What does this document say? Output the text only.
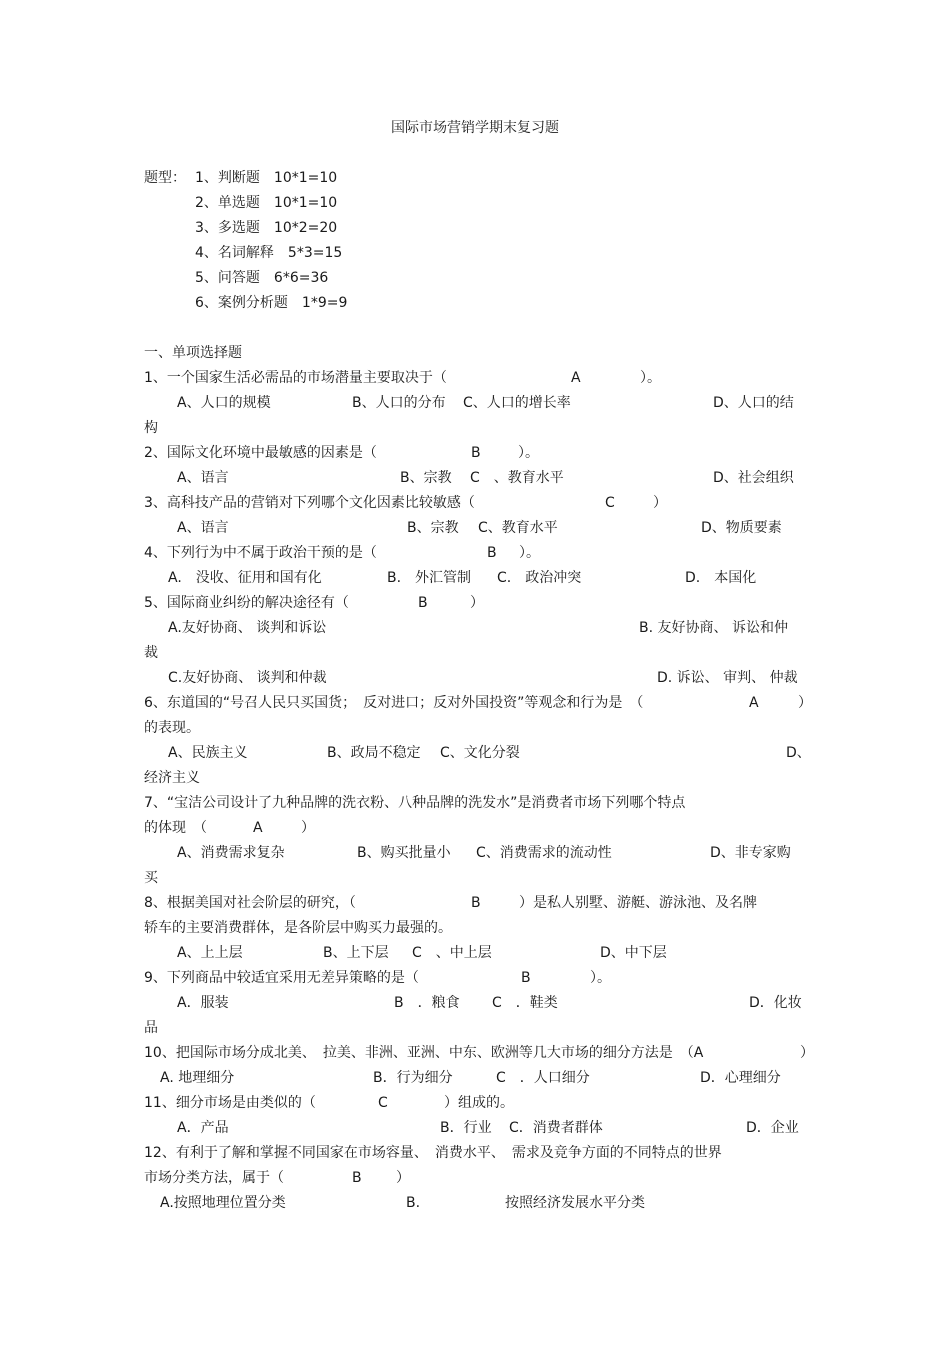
国际市场营销学期末复习题
题型： 1、判断题　10*1=10
2、单选题　10*1=10
3、多选题　10*2=20
4、名词解释　5*3=15
5、问答题　6*6=36
6、案例分析题　1*9=9
一、单项选择题
1、一个国家生活必需品的市场潜量主要取决于（	A	）。
A、人口的规模	B、人口的分布 C、人口的增长率	D、人口的结
构
2、国际文化环境中最敏感的因素是（	B	）。
A、语言	B、宗教 C　、教育水平	D、社会组织
3、高科技产品的营销对下列哪个文化因素比较敏感（	C	）
A、语言	B、宗教 C、教育水平	D、物质要素
4、下列行为中不属于政治干预的是（	B ）。
A.　没收、征用和国有化	B.　外汇管制 C.　政治冲突	D.　本国化
5、国际商业纠纷的解决途径有（	B	）
A.友好协商、 谈判和诉讼	B. 友好协商、 诉讼和仲
裁
C.友好协商、 谈判和仲裁	D. 诉讼、 审判、 仲裁
6、东道国的“号召人民只买国货；　反对进口；反对外国投资”等观念和行为是　（	A	）
的表现。
A、民族主义	B、政局不稳定 C、文化分裂	D、
经济主义
7、“宝洁公司设计了九种品牌的洗衣粉、八种品牌的洗发水”是消费者市场下列哪个特点
的体现　（	A	）
A、消费需求复杂	B、购买批量小 C、消费需求的流动性	D、非专家购
买
8、根据美国对社会阶层的研究，（	B	）是私人别墅、游艇、游泳池、及名牌
轿车的主要消费群体，是各阶层中购买力最强的。
A、上上层	B、上下层 C　、中上层	D、中下层
9、下列商品中较适宜采用无差异策略的是（	B	）。
A．服装	B　．粮食 C　．鞋类	D．化妆
品
10、把国际市场分成北美、　拉美、非洲、亚洲、中东、欧洲等几大市场的细分方法是　（A	）
A. 地理细分	B．行为细分	C　．人口细分	D．心理细分
11、细分市场是由类似的（	C	）组成的。
A．产品	B．行业 C．消费者群体	D．企业
12、有利于了解和掌握不同国家在市场容量、　消费水平、　需求及竞争方面的不同特点的世界
市场分类方法，属于（	B ）
A.按照地理位置分类	B.	按照经济发展水平分类
